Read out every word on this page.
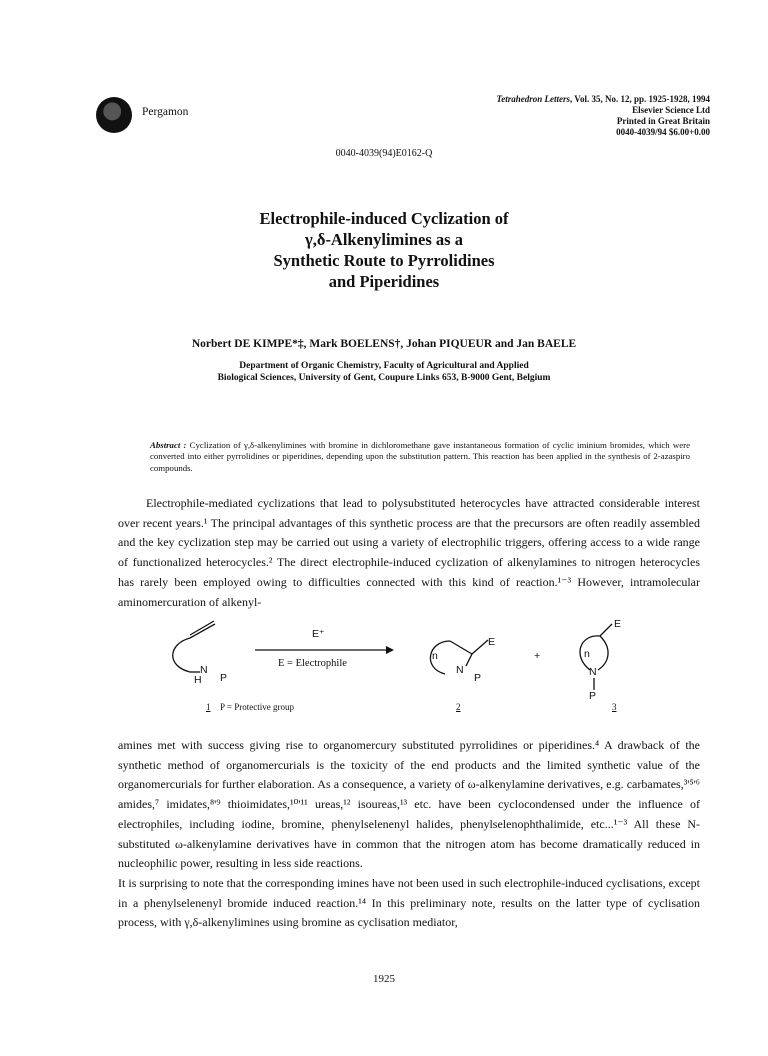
Pergamon
Tetrahedron Letters, Vol. 35, No. 12, pp. 1925-1928, 1994
Elsevier Science Ltd
Printed in Great Britain
0040-4039/94 $6.00+0.00
0040-4039(94)E0162-Q
Electrophile-induced Cyclization of
γ,δ-Alkenylimines as a
Synthetic Route to Pyrrolidines
and Piperidines
Norbert DE KIMPE*‡, Mark BOELENS†, Johan PIQUEUR and Jan BAELE
Department of Organic Chemistry, Faculty of Agricultural and Applied
Biological Sciences, University of Gent, Coupure Links 653, B-9000 Gent, Belgium
Abstract : Cyclization of γ,δ-alkenylimines with bromine in dichloromethane gave instantaneous formation of cyclic iminium bromides, which were converted into either pyrrolidines or piperidines, depending upon the substitution pattern. This reaction has been applied in the synthesis of 2-azaspiro compounds.

Electrophile-mediated cyclizations that lead to polysubstituted heterocycles have attracted considerable interest over recent years.¹ The principal advantages of this synthetic process are that the precursors are often readily assembled and the key cyclization step may be carried out using a variety of electrophilic triggers, offering access to a wide range of functionalized heterocycles.² The direct electrophile-induced cyclization of alkenylamines to nitrogen heterocycles has rarely been employed owing to difficulties connected with this kind of reaction.¹⁻³ However, intramolecular aminomercuration of alkenyl-

N
H P
E⁺
E = Electrophile
n
E
N
P
+
E
n
N
P
1 P = Protective group	2	3

amines met with success giving rise to organomercury substituted pyrrolidines or piperidines.⁴ A drawback of the synthetic method of organomercurials is the toxicity of the end products and the limited synthetic value of the organomercurials for further elaboration. As a consequence, a variety of ω-alkenylamine derivatives, e.g. carbamates,³'⁵'⁶ amides,⁷ imidates,⁸'⁹ thioimidates,¹⁰'¹¹ ureas,¹² isoureas,¹³ etc. have been cyclocondensed under the influence of electrophiles, including iodine, bromine, phenylselenenyl halides, phenylselenophthalimide, etc...¹⁻³ All these N-substituted ω-alkenylamine derivatives have in common that the nitrogen atom has become dramatically reduced in nucleophilic power, resulting in less side reactions.

It is surprising to note that the corresponding imines have not been used in such electrophile-induced cyclisations, except in a phenylselenenyl bromide induced reaction.¹⁴ In this preliminary note, results on the latter type of cyclisation process, with γ,δ-alkenylimines using bromine as cyclisation mediator,

1925
